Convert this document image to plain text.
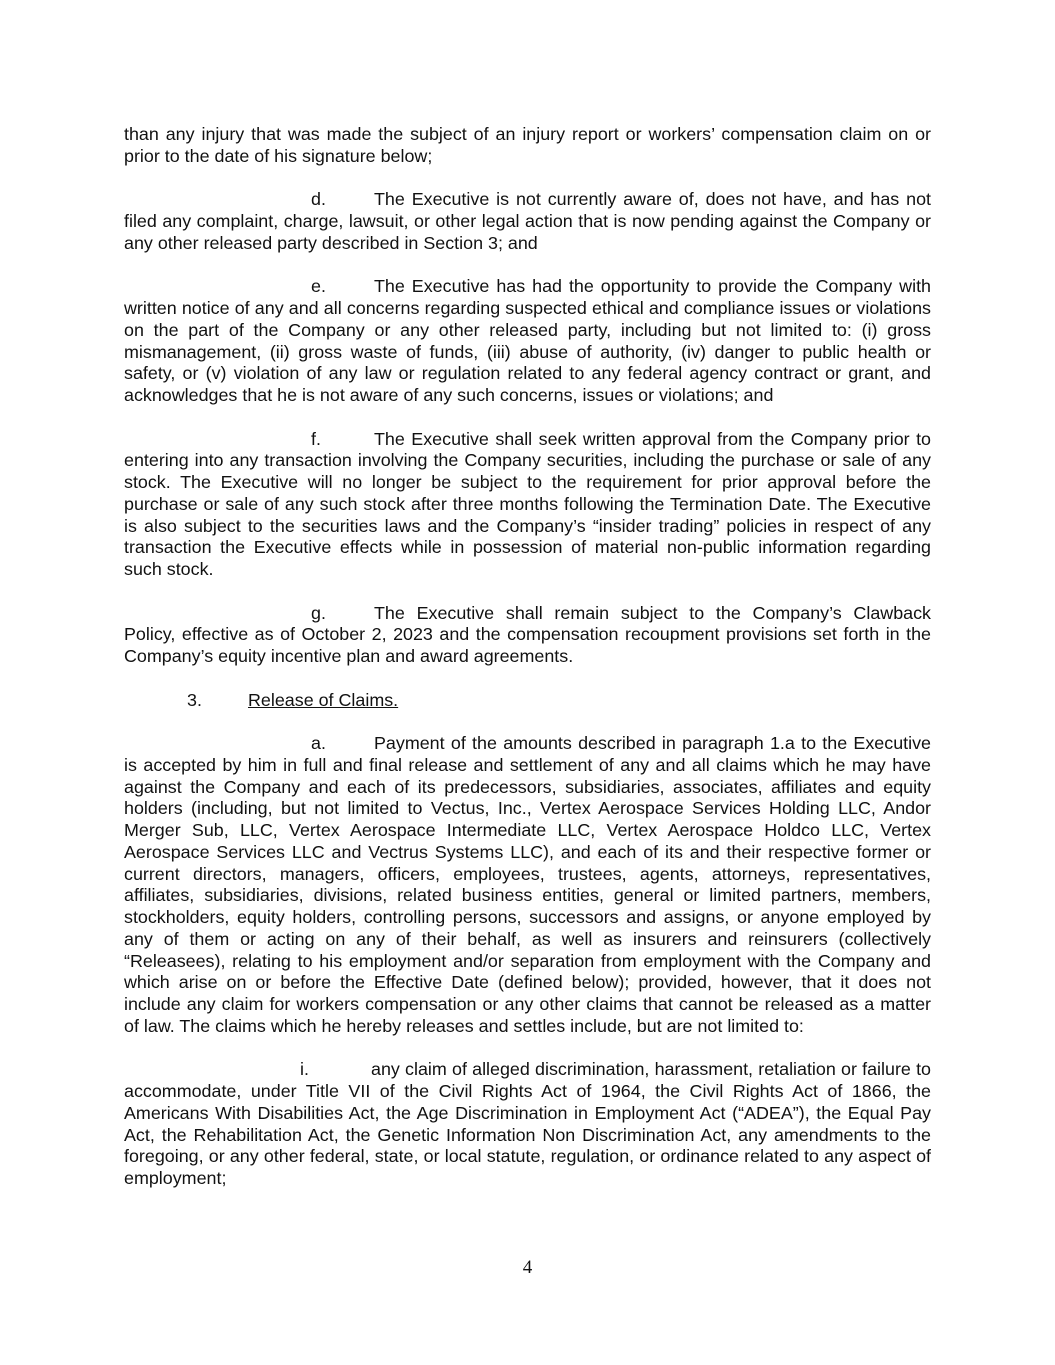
than any injury that was made the subject of an injury report or workers’ compensation claim on or prior to the date of his signature below;

d.	The Executive is not currently aware of, does not have, and has not filed any complaint, charge, lawsuit, or other legal action that is now pending against the Company or any other released party described in Section 3; and

e.	The Executive has had the opportunity to provide the Company with written notice of any and all concerns regarding suspected ethical and compliance issues or violations on the part of the Company or any other released party, including but not limited to: (i) gross mismanagement, (ii) gross waste of funds, (iii) abuse of authority, (iv) danger to public health or safety, or (v) violation of any law or regulation related to any federal agency contract or grant, and acknowledges that he is not aware of any such concerns, issues or violations; and

f.	The Executive shall seek written approval from the Company prior to entering into any transaction involving the Company securities, including the purchase or sale of any stock. The Executive will no longer be subject to the requirement for prior approval before the purchase or sale of any such stock after three months following the Termination Date. The Executive is also subject to the securities laws and the Company’s “insider trading” policies in respect of any transaction the Executive effects while in possession of material non-public information regarding such stock.

g.	The Executive shall remain subject to the Company’s Clawback Policy, effective as of October 2, 2023 and the compensation recoupment provisions set forth in the Company’s equity incentive plan and award agreements.

3.	Release of Claims.

a.	Payment of the amounts described in paragraph 1.a to the Executive is accepted by him in full and final release and settlement of any and all claims which he may have against the Company and each of its predecessors, subsidiaries, associates, affiliates and equity holders (including, but not limited to Vectus, Inc., Vertex Aerospace Services Holding LLC, Andor Merger Sub, LLC, Vertex Aerospace Intermediate LLC, Vertex Aerospace Holdco LLC, Vertex Aerospace Services LLC and Vectrus Systems LLC), and each of its and their respective former or current directors, managers, officers, employees, trustees, agents, attorneys, representatives, affiliates, subsidiaries, divisions, related business entities, general or limited partners, members, stockholders, equity holders, controlling persons, successors and assigns, or anyone employed by any of them or acting on any of their behalf, as well as insurers and reinsurers (collectively “Releasees), relating to his employment and/or separation from employment with the Company and which arise on or before the Effective Date (defined below); provided, however, that it does not include any claim for workers compensation or any other claims that cannot be released as a matter of law. The claims which he hereby releases and settles include, but are not limited to:

i.	any claim of alleged discrimination, harassment, retaliation or failure to accommodate, under Title VII of the Civil Rights Act of 1964, the Civil Rights Act of 1866, the Americans With Disabilities Act, the Age Discrimination in Employment Act (“ADEA”), the Equal Pay Act, the Rehabilitation Act, the Genetic Information Non Discrimination Act, any amendments to the foregoing, or any other federal, state, or local statute, regulation, or ordinance related to any aspect of employment;

4
